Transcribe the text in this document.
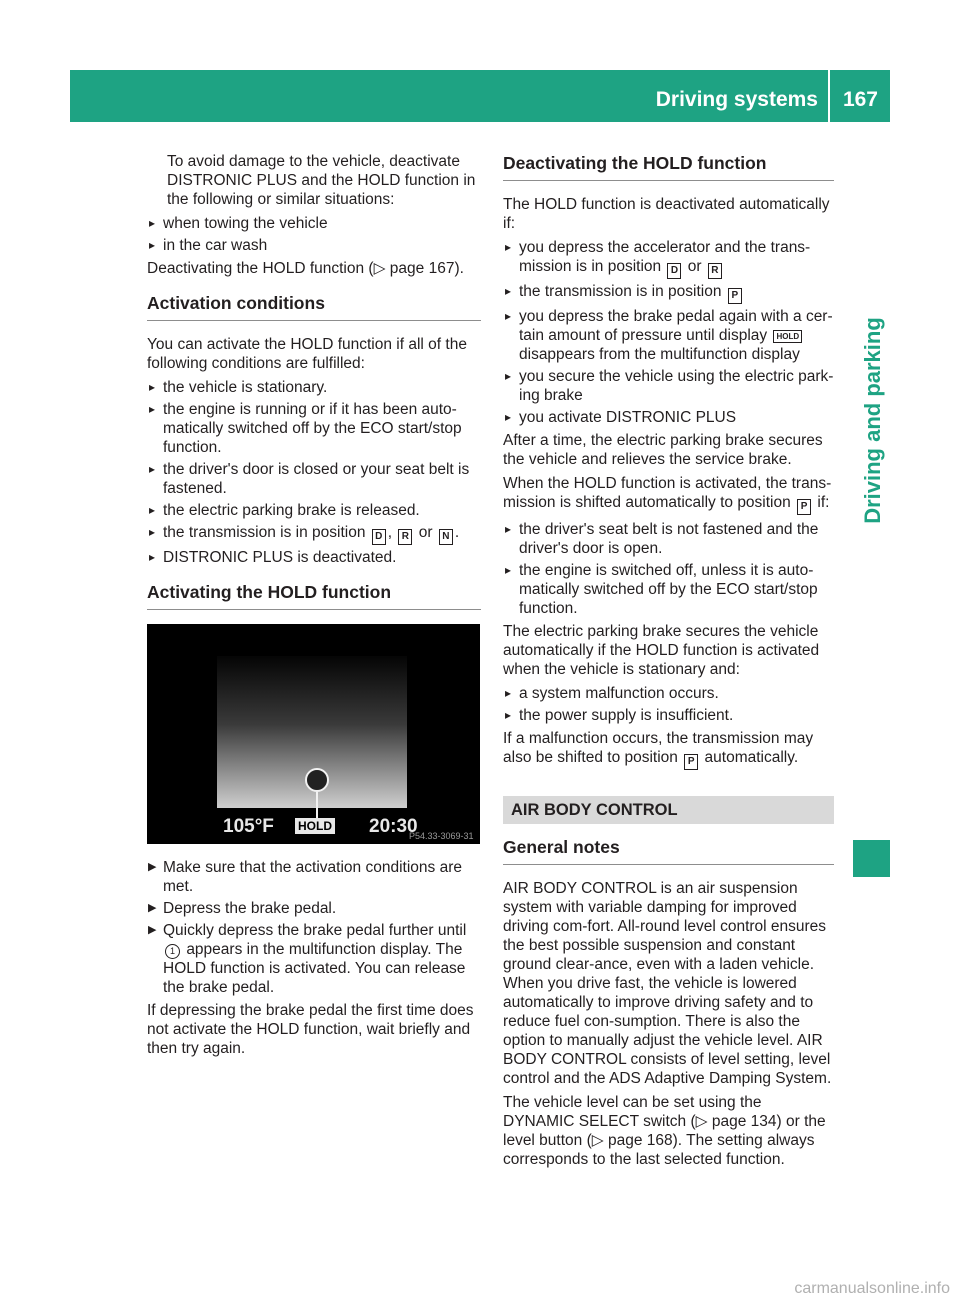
Driving systems 167
Driving and parking

To avoid damage to the vehicle, deactivate DISTRONIC PLUS and the HOLD function in the following or similar situations:

▸ when towing the vehicle
▸ in the car wash

Deactivating the HOLD function (▷ page 167).

Activation conditions

You can activate the HOLD function if all of the following conditions are fulfilled:

▸ the vehicle is stationary.
▸ the engine is running or if it has been auto-matically switched off by the ECO start/stop function.
▸ the driver's door is closed or your seat belt is fastened.
▸ the electric parking brake is released.
▸ the transmission is in position D , R or N .
▸ DISTRONIC PLUS is deactivated.
Activating the HOLD function
105°F HOLD 20:30
P54.33-3069-31
▶ Make sure that the activation conditions are met.
▶ Depress the brake pedal.
▶ Quickly depress the brake pedal further until 1 appears in the multifunction display. The HOLD function is activated. You can release the brake pedal.

If depressing the brake pedal the first time does not activate the HOLD function, wait briefly and then try again.

Deactivating the HOLD function

The HOLD function is deactivated automatically if:

▸ you depress the accelerator and the trans-mission is in position D or R
▸ the transmission is in position P
▸ you depress the brake pedal again with a cer-tain amount of pressure until display HOLD disappears from the multifunction display
▸ you secure the vehicle using the electric park-ing brake
▸ you activate DISTRONIC PLUS

After a time, the electric parking brake secures the vehicle and relieves the service brake.

When the HOLD function is activated, the trans-mission is shifted automatically to position P if:

▸ the driver's seat belt is not fastened and the driver's door is open.
▸ the engine is switched off, unless it is auto-matically switched off by the ECO start/stop function.

The electric parking brake secures the vehicle automatically if the HOLD function is activated when the vehicle is stationary and:

▸ a system malfunction occurs.
▸ the power supply is insufficient.

If a malfunction occurs, the transmission may also be shifted to position P automatically.

AIR BODY CONTROL
General notes

AIR BODY CONTROL is an air suspension system with variable damping for improved driving com-fort. All-round level control ensures the best possible suspension and constant ground clear-ance, even with a laden vehicle. When you drive fast, the vehicle is lowered automatically to improve driving safety and to reduce fuel con-sumption. There is also the option to manually adjust the vehicle level. AIR BODY CONTROL consists of level setting, level control and the ADS Adaptive Damping System.

The vehicle level can be set using the DYNAMIC SELECT switch (▷ page 134) or the level button (▷ page 168). The setting always corresponds to the last selected function.

carmanualsonline.info
